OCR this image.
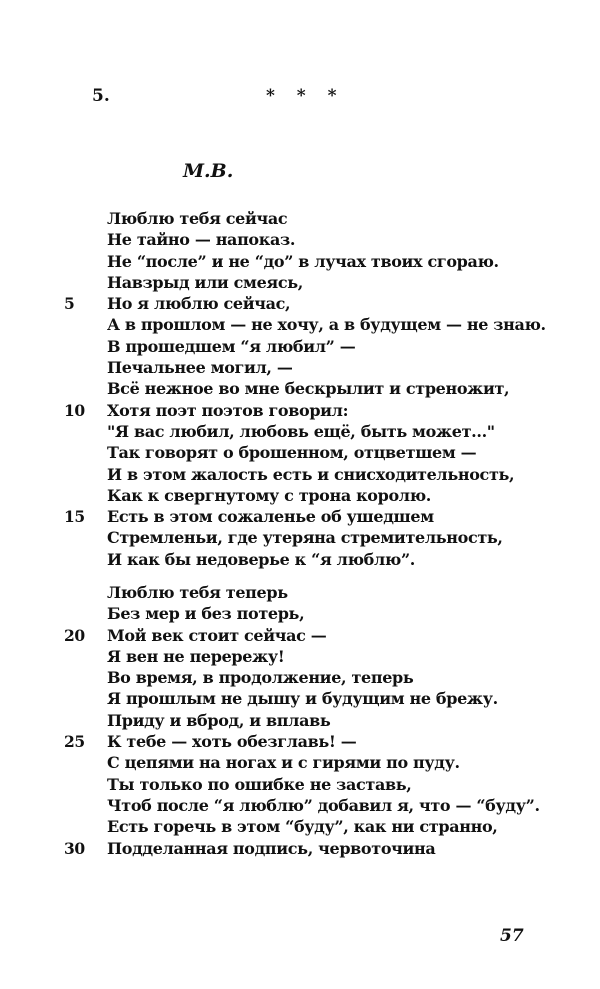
5.	* * *
М.В.
Люблю тебя сейчас
Не тайно — напоказ.
Не “после” и не “до” в лучах твоих сгораю.
Навзрыд или смеясь,
5	Но я люблю сейчас,
А в прошлом — не хочу, а в будущем — не знаю.
В прошедшем “я любил” —
Печальнее могил, —
Всё нежное во мне бескрылит и стреножит,
10 Хотя поэт поэтов говорил:
"Я вас любил, любовь ещё, быть может..."
Так говорят о брошенном, отцветшем —
И в этом жалость есть и снисходительность,
Как к свергнутому с трона королю.
15 Есть в этом сожаленье об ушедшем
Стремленьи, где утеряна стремительность,
И как бы недоверье к “я люблю”.
Люблю тебя теперь
Без мер и без потерь,
20 Мой век стоит сейчас —
Я вен не перережу!
Во время, в продолжение, теперь
Я прошлым не дышу и будущим не брежу.
Приду и вброд, и вплавь
25 К тебе — хоть обезглавь! —
С цепями на ногах и с гирями по пуду.
Ты только по ошибке не заставь,
Чтоб после “я люблю” добавил я, что — “буду”.
Есть горечь в этом “буду”, как ни странно,
30 Подделанная подпись, червоточина
57
